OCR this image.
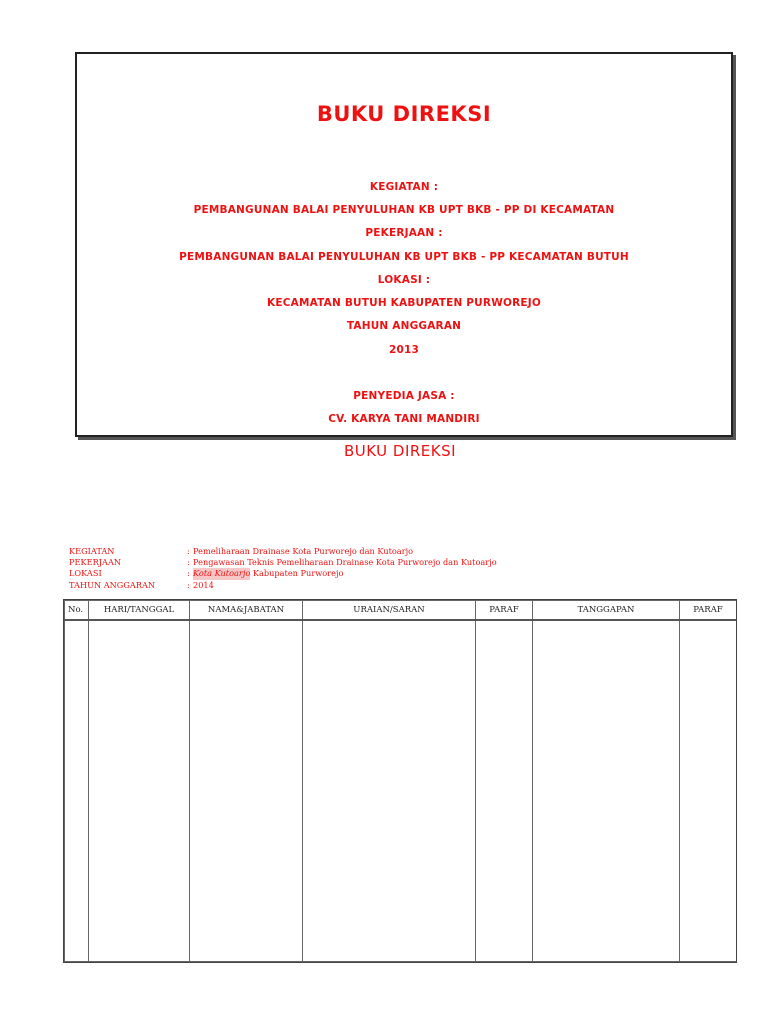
BUKU DIREKSI
KEGIATAN :
PEMBANGUNAN BALAI PENYULUHAN KB UPT BKB - PP DI KECAMATAN
PEKERJAAN :
PEMBANGUNAN BALAI PENYULUHAN KB UPT BKB - PP KECAMATAN BUTUH
LOKASI :
KECAMATAN BUTUH KABUPATEN PURWOREJO
TAHUN ANGGARAN
2013
PENYEDIA JASA :
CV. KARYA TANI MANDIRI
BUKU DIREKSI
KEGIATAN	: Pemeliharaan Drainase Kota Purworejo dan Kutoarjo
PEKERJAAN	: Pengawasan Teknis Pemeliharaan Drainase Kota Purworejo dan Kutoarjo
LOKASI	: Kota Kutoarjo Kabupaten Purworejo
TAHUN ANGGARAN	: 2014
No.	HARI/TANGGAL	NAMA&JABATAN	URAIAN/SARAN	PARAF	TANGGAPAN	PARAF
